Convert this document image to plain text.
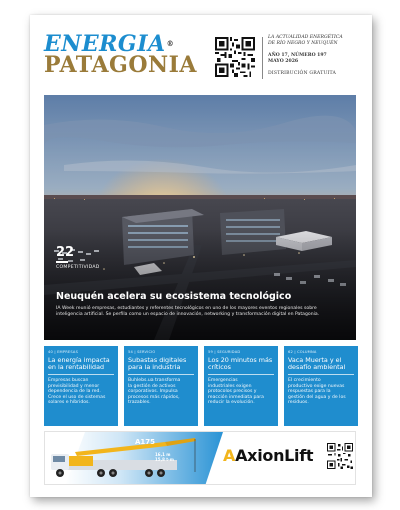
ENERGIA®
PATAGONIA
LA ACTUALIDAD ENERGÉTICA
DE RÍO NEGRO Y NEUQUÉN
AÑO 17, NÚMERO 197
MAYO 2026
DISTRIBUCIÓN GRATUITA
22
COMPETITIVIDAD
Neuquén acelera su ecosistema tecnológico
IA Week reunió empresas, estudiantes y referentes tecnológicos en uno de los mayores eventos regionales sobre
inteligencia artificial. Se perfila como un espacio de innovación, networking y transformación digital en Patagonia.
40 | EMPRESAS
La energía impacta
en la rentabilidad
Empresas buscan
previsibilidad y menor
dependencia de la red.
Crece el uso de sistemas
solares e híbridos.
54 | SERVICIO
Subastas digitales
para la industria
Buhlebs.ua transforma
la gestión de activos
corporativos. Impulsa
procesos más rápidos,
trazables.
59 | SEGURIDAD
Los 20 minutos más
críticos
Emergencias
industriales exigen
protocolos precisos y
reacción inmediata para
reducir la evolución.
62 | COLUMNA
Vaca Muerta y el
desafío ambiental
El crecimiento
productivo exige nuevas
respuestas para la
gestión del agua y de los
residuos.
A175
16,1 m
15,8 t·m	AAxionLift
